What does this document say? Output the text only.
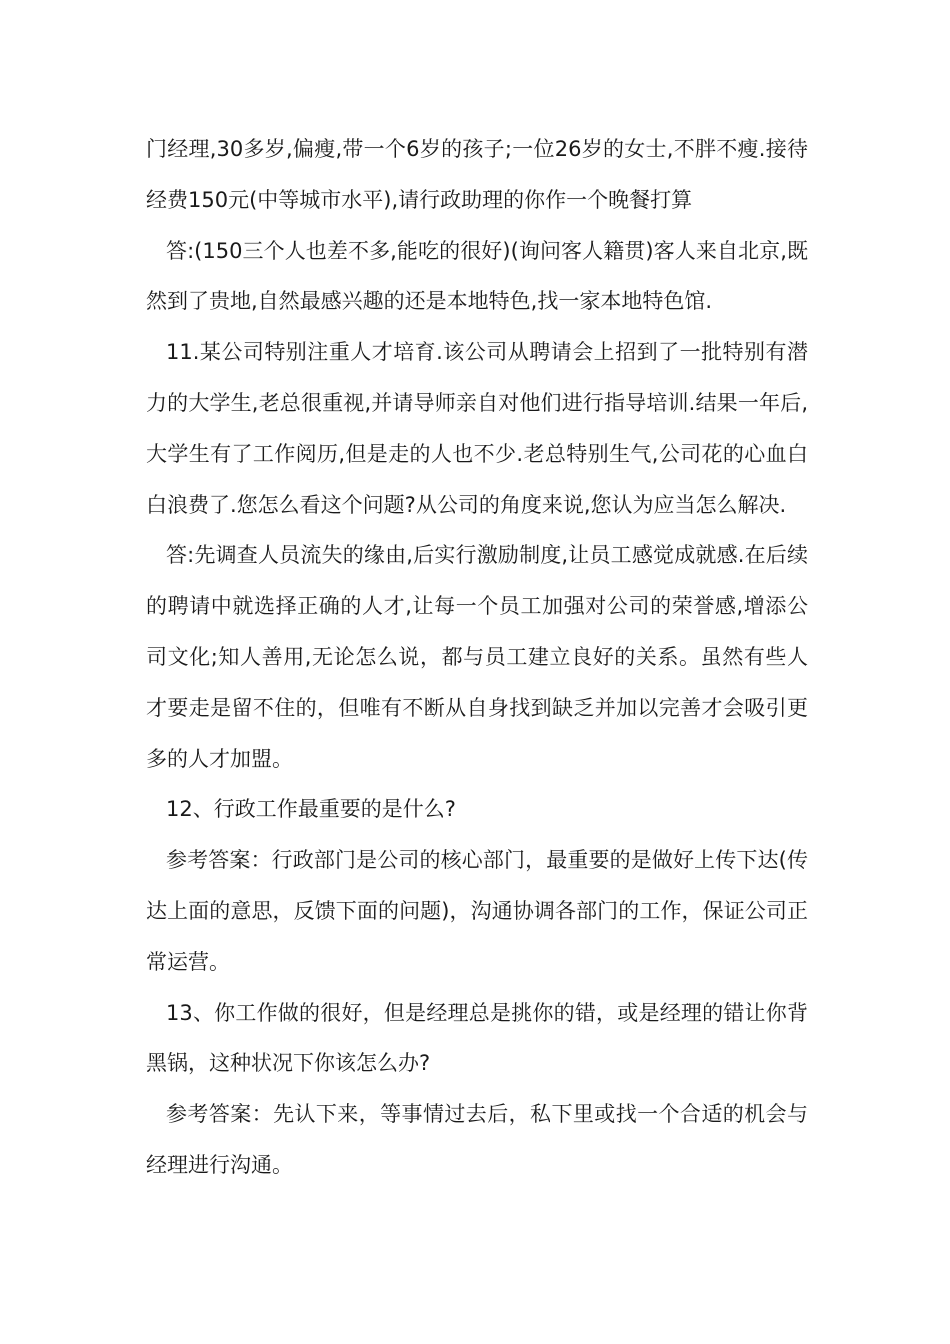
门经理,30多岁,偏瘦,带一个6岁的孩子;一位26岁的女士,不胖不瘦.接待经费150元(中等城市水平),请行政助理的你作一个晚餐打算

答:(150三个人也差不多,能吃的很好)(询问客人籍贯)客人来自北京,既然到了贵地,自然最感兴趣的还是本地特色,找一家本地特色馆.

11.某公司特别注重人才培育.该公司从聘请会上招到了一批特别有潜力的大学生,老总很重视,并请导师亲自对他们进行指导培训.结果一年后,大学生有了工作阅历,但是走的人也不少.老总特别生气,公司花的心血白白浪费了.您怎么看这个问题?从公司的角度来说,您认为应当怎么解决.

答:先调查人员流失的缘由,后实行激励制度,让员工感觉成就感.在后续的聘请中就选择正确的人才,让每一个员工加强对公司的荣誉感,增添公司文化;知人善用,无论怎么说，都与员工建立良好的关系。虽然有些人才要走是留不住的，但唯有不断从自身找到缺乏并加以完善才会吸引更多的人才加盟。

12、行政工作最重要的是什么?

参考答案：行政部门是公司的核心部门，最重要的是做好上传下达(传达上面的意思，反馈下面的问题)，沟通协调各部门的工作，保证公司正常运营。

13、你工作做的很好，但是经理总是挑你的错，或是经理的错让你背黑锅，这种状况下你该怎么办?

参考答案：先认下来，等事情过去后，私下里或找一个合适的机会与经理进行沟通。
